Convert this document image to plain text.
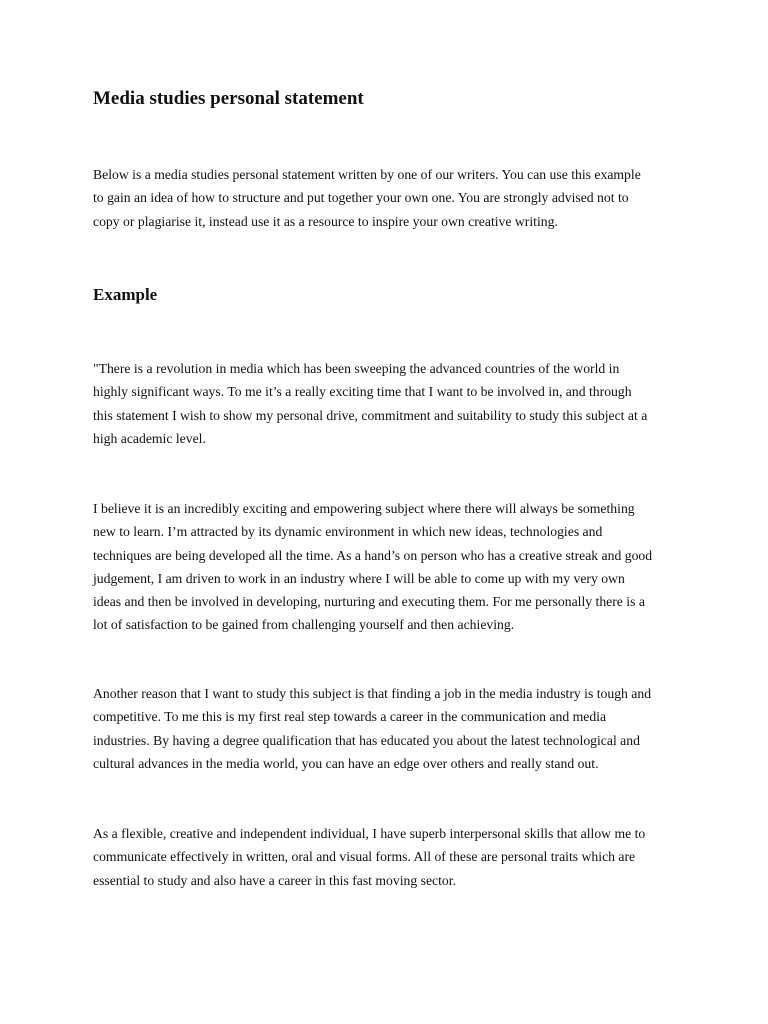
Media studies personal statement
Below is a media studies personal statement written by one of our writers. You can use this example
to gain an idea of how to structure and put together your own one. You are strongly advised not to
copy or plagiarise it, instead use it as a resource to inspire your own creative writing.
Example
"There is a revolution in media which has been sweeping the advanced countries of the world in
highly significant ways. To me it’s a really exciting time that I want to be involved in, and through
this statement I wish to show my personal drive, commitment and suitability to study this subject at a
high academic level.
I believe it is an incredibly exciting and empowering subject where there will always be something
new to learn. I’m attracted by its dynamic environment in which new ideas, technologies and
techniques are being developed all the time. As a hand’s on person who has a creative streak and good
judgement, I am driven to work in an industry where I will be able to come up with my very own
ideas and then be involved in developing, nurturing and executing them. For me personally there is a
lot of satisfaction to be gained from challenging yourself and then achieving.
Another reason that I want to study this subject is that finding a job in the media industry is tough and
competitive. To me this is my first real step towards a career in the communication and media
industries. By having a degree qualification that has educated you about the latest technological and
cultural advances in the media world, you can have an edge over others and really stand out.
As a flexible, creative and independent individual, I have superb interpersonal skills that allow me to
communicate effectively in written, oral and visual forms. All of these are personal traits which are
essential to study and also have a career in this fast moving sector.
